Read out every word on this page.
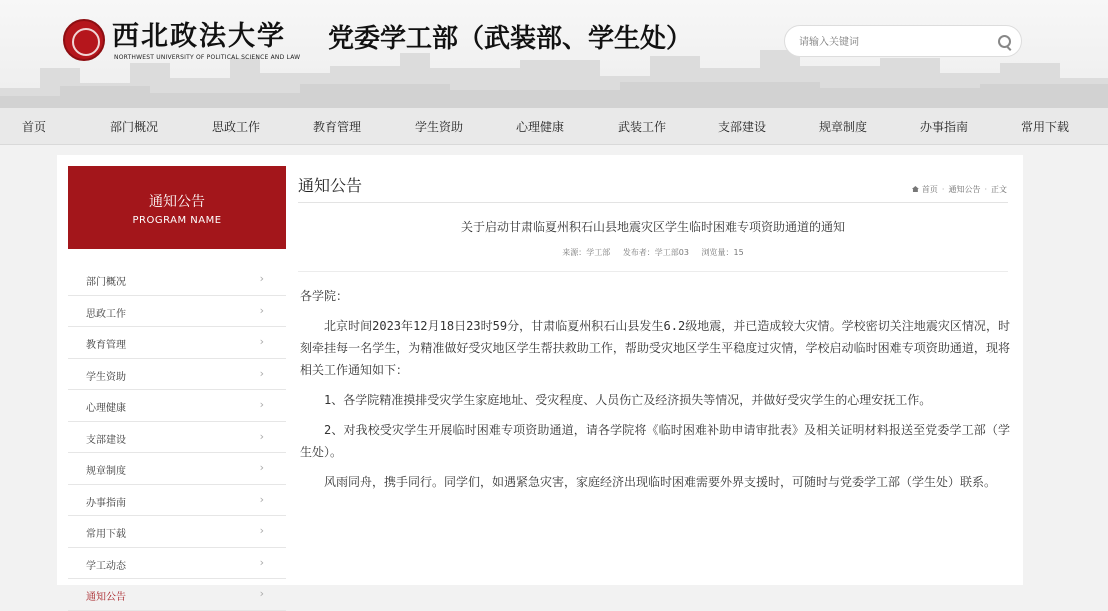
西北政法大学 党委学工部（武装部、学生处）
NORTHWEST UNIVERSITY OF POLITICAL SCIENCE AND LAW
请输入关键词
首页	部门概况	思政工作	教育管理	学生资助	心理健康	武装工作	支部建设	规章制度	办事指南	常用下载
通知公告
PROGRAM NAME
部门概况	›
思政工作	›
教育管理	›
学生资助	›
心理健康	›
支部建设	›
规章制度	›
办事指南	›
常用下载	›
学工动态	›
通知公告	›
通知公告	首页 · 通知公告 · 正文
关于启动甘肃临夏州积石山县地震灾区学生临时困难专项资助通道的通知
来源：学工部 发布者：学工部03 浏览量：15

各学院：

北京时间2023年12月18日23时59分，甘肃临夏州积石山县发生6.2级地震，并已造成较大灾情。学校密切关注地震灾区情况，时刻牵挂每一名学生，为精准做好受灾地区学生帮扶救助工作，帮助受灾地区学生平稳度过灾情，学校启动临时困难专项资助通道，现将相关工作通知如下：

1、各学院精准摸排受灾学生家庭地址、受灾程度、人员伤亡及经济损失等情况，并做好受灾学生的心理安抚工作。

2、对我校受灾学生开展临时困难专项资助通道，请各学院将《临时困难补助申请审批表》及相关证明材料报送至党委学工部（学生处）。

风雨同舟，携手同行。同学们，如遇紧急灾害，家庭经济出现临时困难需要外界支援时，可随时与党委学工部（学生处）联系。
